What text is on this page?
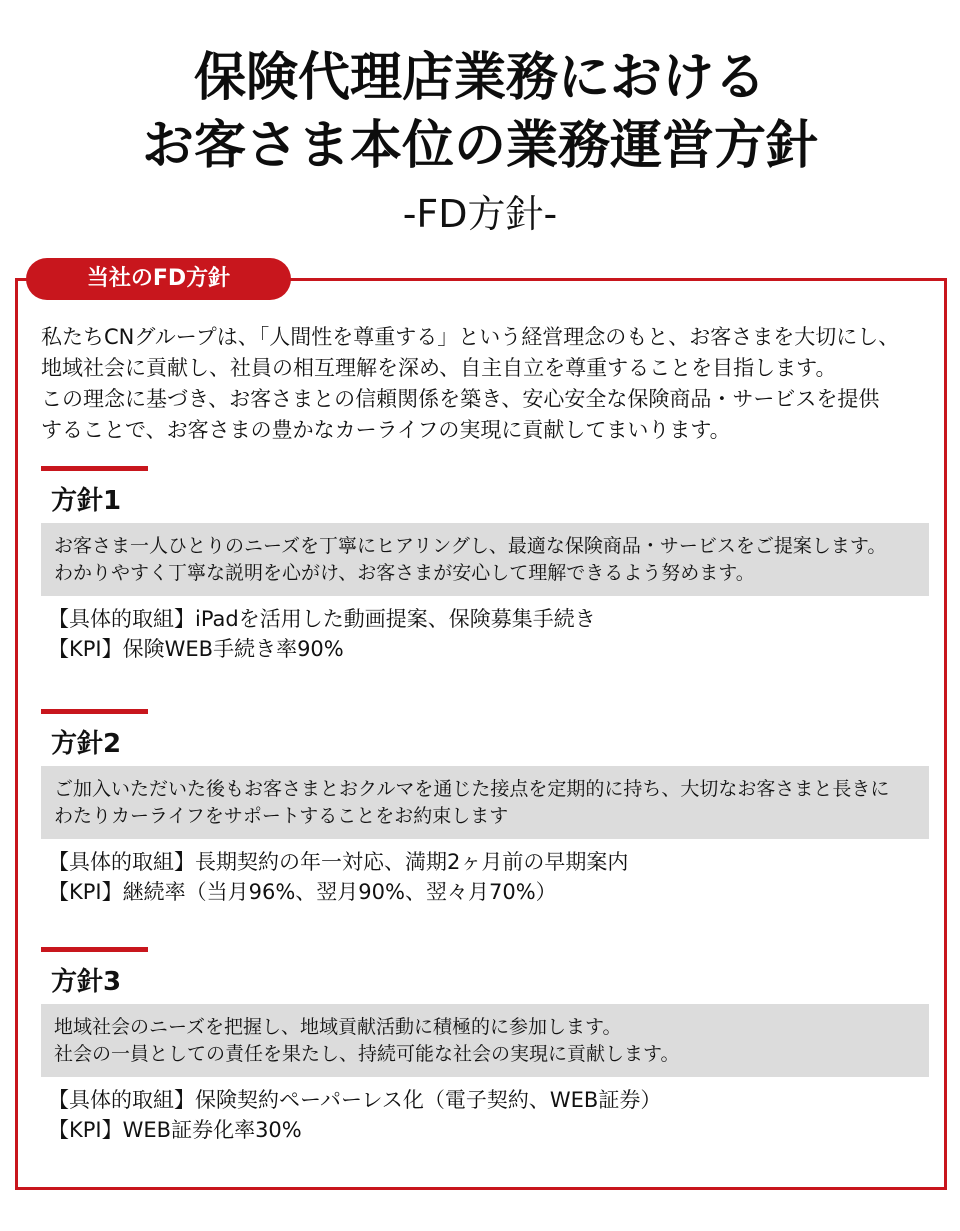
保険代理店業務における
お客さま本位の業務運営方針
-FD方針-
当社のFD方針
私たちCNグループは、「人間性を尊重する」という経営理念のもと、お客さまを大切にし、
地域社会に貢献し、社員の相互理解を深め、自主自立を尊重することを目指します。
この理念に基づき、お客さまとの信頼関係を築き、安心安全な保険商品・サービスを提供
することで、お客さまの豊かなカーライフの実現に貢献してまいります。
方針1
お客さま一人ひとりのニーズを丁寧にヒアリングし、最適な保険商品・サービスをご提案します。
わかりやすく丁寧な説明を心がけ、お客さまが安心して理解できるよう努めます。
【具体的取組】iPadを活用した動画提案、保険募集手続き
【KPI】保険WEB手続き率90%
方針2
ご加入いただいた後もお客さまとおクルマを通じた接点を定期的に持ち、大切なお客さまと長きに
わたりカーライフをサポートすることをお約束します
【具体的取組】長期契約の年一対応、満期2ヶ月前の早期案内
【KPI】継続率（当月96%、翌月90%、翌々月70%）
方針3
地域社会のニーズを把握し、地域貢献活動に積極的に参加します。
社会の一員としての責任を果たし、持続可能な社会の実現に貢献します。
【具体的取組】保険契約ペーパーレス化（電子契約、WEB証券）
【KPI】WEB証券化率30%
